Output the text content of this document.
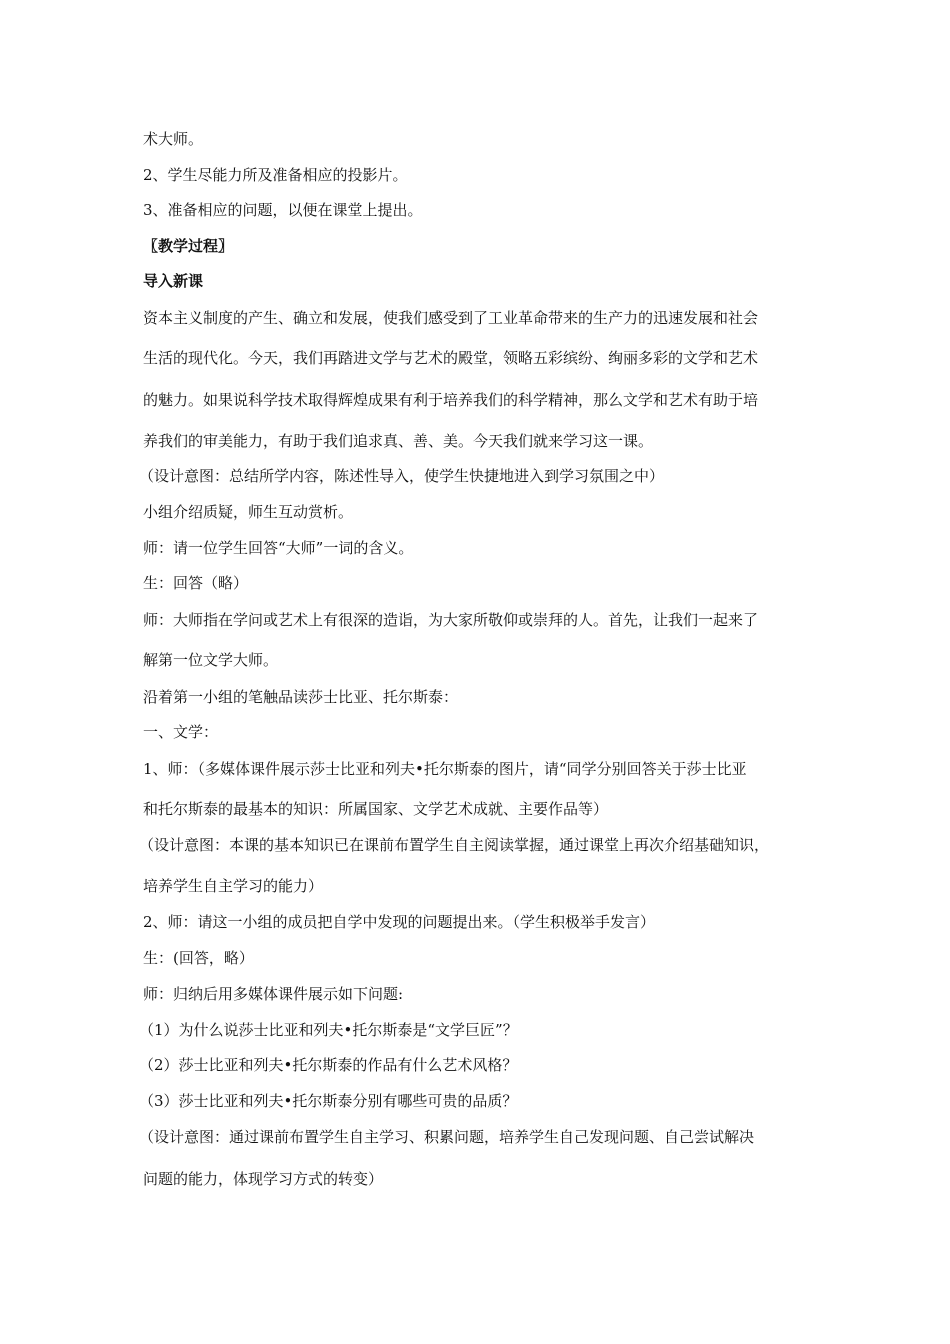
术大师。

2、学生尽能力所及准备相应的投影片。

3、准备相应的问题，以便在课堂上提出。

〖教学过程〗

导入新课

资本主义制度的产生、确立和发展，使我们感受到了工业革命带来的生产力的迅速发展和社会

生活的现代化。今天，我们再踏进文学与艺术的殿堂，领略五彩缤纷、绚丽多彩的文学和艺术

的魅力。如果说科学技术取得辉煌成果有利于培养我们的科学精神，那么文学和艺术有助于培

养我们的审美能力，有助于我们追求真、善、美。今天我们就来学习这一课。

（设计意图：总结所学内容，陈述性导入，使学生快捷地进入到学习氛围之中）

小组介绍质疑，师生互动赏析。

师：请一位学生回答“大师”一词的含义。

生：回答（略）

师：大师指在学问或艺术上有很深的造诣，为大家所敬仰或崇拜的人。首先，让我们一起来了

解第一位文学大师。

沿着第一小组的笔触品读莎士比亚、托尔斯泰：

一、文学：

1、师：（多媒体课件展示莎士比亚和列夫•托尔斯泰的图片，请“同学分别回答关于莎士比亚

和托尔斯泰的最基本的知识：所属国家、文学艺术成就、主要作品等）

（设计意图：本课的基本知识已在课前布置学生自主阅读掌握，通过课堂上再次介绍基础知识，

培养学生自主学习的能力）

2、师：请这一小组的成员把自学中发现的问题提出来。（学生积极举手发言）

生：(回答，略）

师：归纳后用多媒体课件展示如下问题:

（1）为什么说莎士比亚和列夫•托尔斯泰是“文学巨匠”？

（2）莎士比亚和列夫•托尔斯泰的作品有什么艺术风格？

（3）莎士比亚和列夫•托尔斯泰分别有哪些可贵的品质？

（设计意图：通过课前布置学生自主学习、积累问题，培养学生自己发现问题、自己尝试解决

问题的能力，体现学习方式的转变）
